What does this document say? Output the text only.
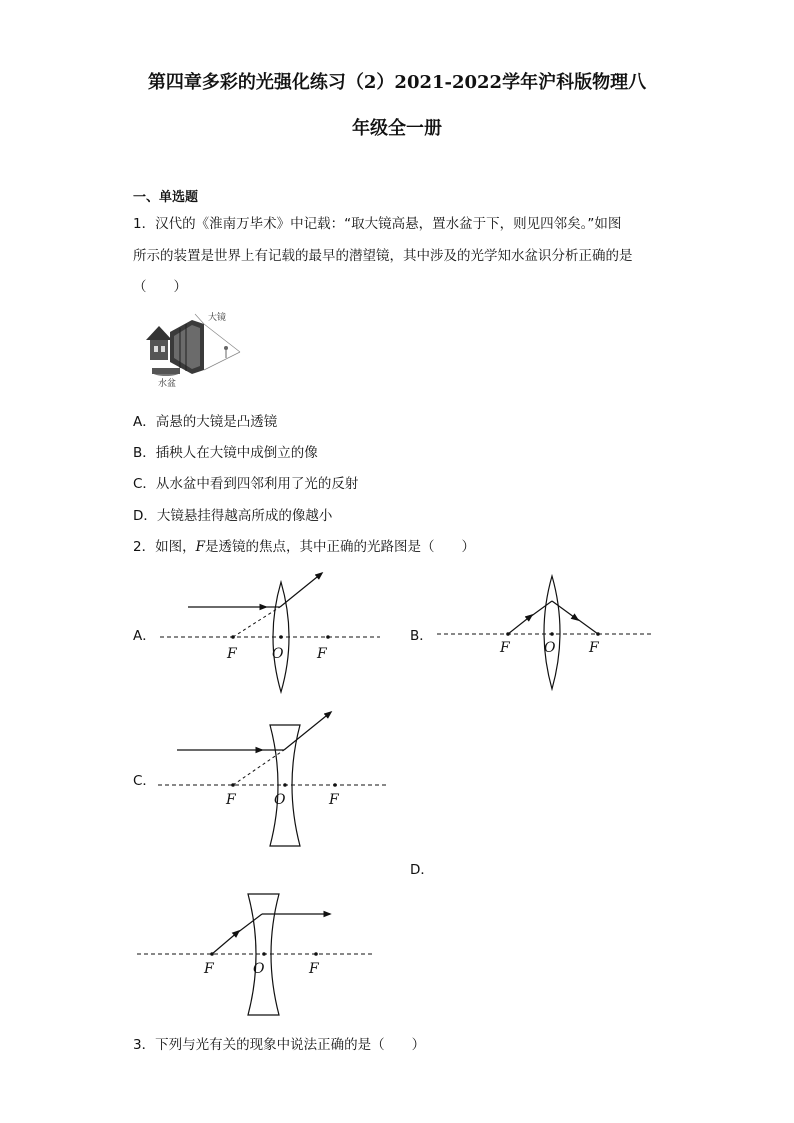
第四章多彩的光强化练习（2）2021-2022学年沪科版物理八
年级全一册
一、单选题
1．汉代的《淮南万毕术》中记载：“取大镜高悬，置水盆于下，则见四邻矣。”如图
所示的装置是世界上有记载的最早的潜望镜，其中涉及的光学知水盆识分析正确的是
（　　）
大镜
水盆
A．高悬的大镜是凸透镜
B．插秧人在大镜中成倒立的像
C．从水盆中看到四邻利用了光的反射
D．大镜悬挂得越高所成的像越小
2．如图，F是透镜的焦点，其中正确的光路图是（　　）
A．	B．
C．
D．
F	O F	F O F
F	O	F
F	O	F
3．下列与光有关的现象中说法正确的是（　　）
